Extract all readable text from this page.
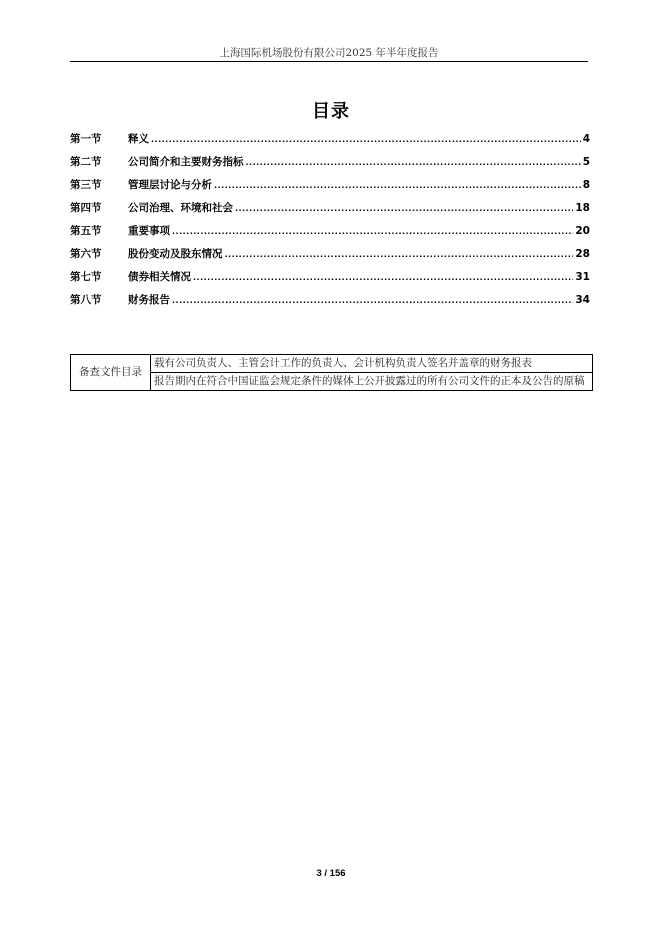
上海国际机场股份有限公司2025 年半年度报告
目录
第一节	释义 .....	4
第二节	公司简介和主要财务指标 .....	5
第三节	管理层讨论与分析 .....	8
第四节	公司治理、环境和社会 .....	18
第五节	重要事项 .....	20
第六节	股份变动及股东情况 .....	28
第七节	债券相关情况 .....	31
第八节	财务报告 .....	34
备查文件目录	载有公司负责人、主管会计工作的负责人、会计机构负责人签名并盖章的财务报表
报告期内在符合中国证监会规定条件的媒体上公开披露过的所有公司文件的正本及公告的原稿
3 / 156
